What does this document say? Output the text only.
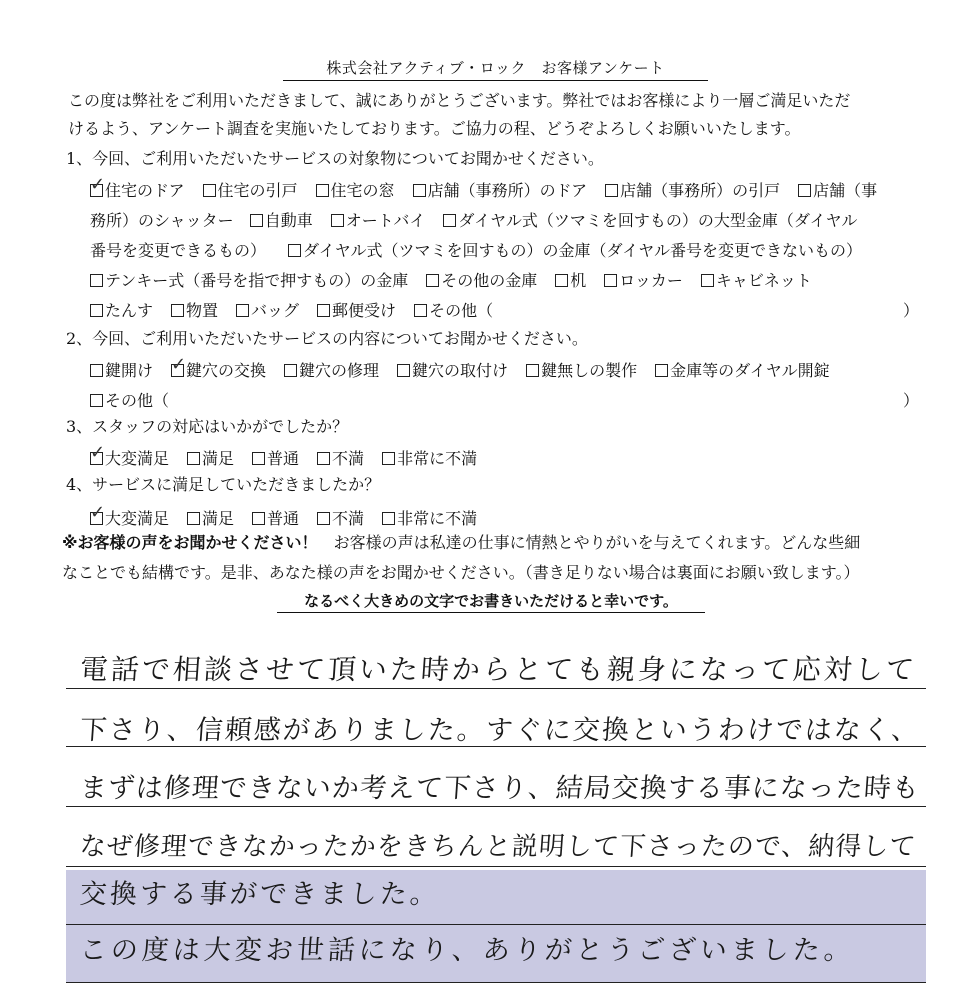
株式会社アクティブ・ロック　お客様アンケート
この度は弊社をご利用いただきまして、誠にありがとうございます。弊社ではお客様により一層ご満足いただ
けるよう、アンケート調査を実施いたしております。ご協力の程、どうぞよろしくお願いいたします。
1、今回、ご利用いただいたサービスの対象物についてお聞かせください。
✓ 住宅のドア 住宅の引戸 住宅の窓 店舗（事務所）のドア 店舗（事務所）の引戸 店舗（事
務所）のシャッター 自動車 オートバイ ダイヤル式（ツマミを回すもの）の大型金庫（ダイヤル
番号を変更できるもの） ダイヤル式（ツマミを回すもの）の金庫（ダイヤル番号を変更できないもの）
テンキー式（番号を指で押すもの）の金庫 その他の金庫 机 ロッカー キャビネット
たんす 物置 バッグ 郵便受け その他（	）
2、今回、ご利用いただいたサービスの内容についてお聞かせください。
鍵開け ✓ 鍵穴の交換 鍵穴の修理 鍵穴の取付け 鍵無しの製作 金庫等のダイヤル開錠
その他（	）
3、スタッフの対応はいかがでしたか？
✓ 大変満足 満足 普通 不満 非常に不満
4、サービスに満足していただきましたか？
✓ 大変満足 満足 普通 不満 非常に不満
※お客様の声をお聞かせください！　お客様の声は私達の仕事に情熱とやりがいを与えてくれます。どんな些細
なことでも結構です。是非、あなた様の声をお聞かせください。（書き足りない場合は裏面にお願い致します。）
なるべく大きめの文字でお書きいただけると幸いです。
電話で相談させて頂いた時からとても親身になって応対して
下さり、信頼感がありました。すぐに交換というわけではなく、
まずは修理できないか考えて下さり、結局交換する事になった時も
なぜ修理できなかったかをきちんと説明して下さったので、納得して
交換する事ができました。
この度は大変お世話になり、ありがとうございました。
